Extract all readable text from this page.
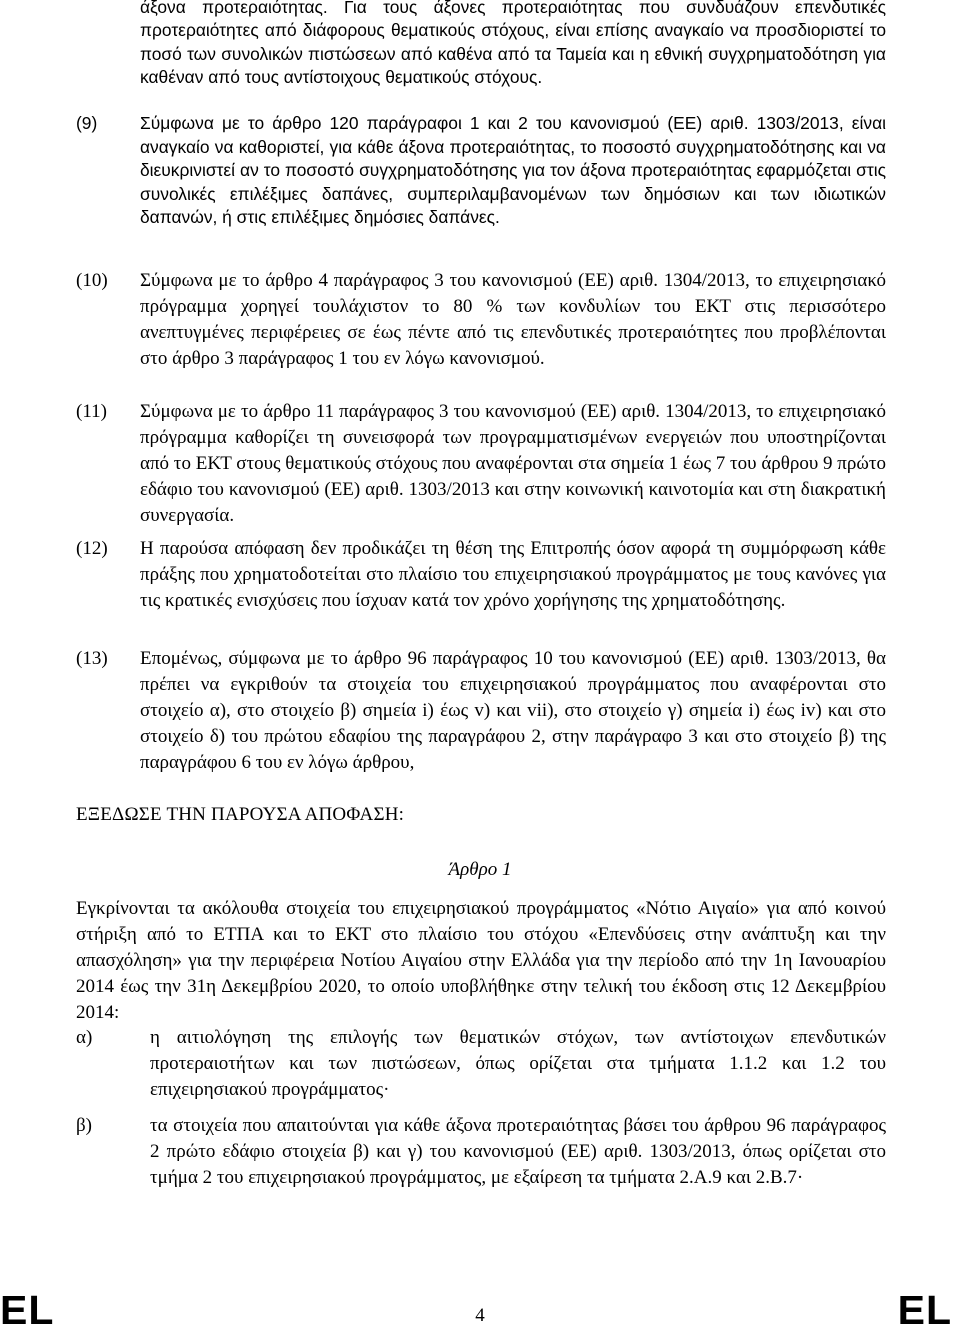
άξονα προτεραιότητας. Για τους άξονες προτεραιότητας που συνδυάζουν επενδυτικές προτεραιότητες από διάφορους θεματικούς στόχους, είναι επίσης αναγκαίο να προσδιοριστεί το ποσό των συνολικών πιστώσεων από καθένα από τα Ταμεία και η εθνική συγχρηματοδότηση για καθέναν από τους αντίστοιχους θεματικούς στόχους.

(9) Σύμφωνα με το άρθρο 120 παράγραφοι 1 και 2 του κανονισμού (ΕΕ) αριθ. 1303/2013, είναι αναγκαίο να καθοριστεί, για κάθε άξονα προτεραιότητας, το ποσοστό συγχρηματοδότησης και να διευκρινιστεί αν το ποσοστό συγχρηματοδότησης για τον άξονα προτεραιότητας εφαρμόζεται στις συνολικές επιλέξιμες δαπάνες, συμπεριλαμβανομένων των δημόσιων και των ιδιωτικών δαπανών, ή στις επιλέξιμες δημόσιες δαπάνες.

(10) Σύμφωνα με το άρθρο 4 παράγραφος 3 του κανονισμού (ΕΕ) αριθ. 1304/2013, το επιχειρησιακό πρόγραμμα χορηγεί τουλάχιστον το 80 % των κονδυλίων του ΕΚΤ στις περισσότερο ανεπτυγμένες περιφέρειες σε έως πέντε από τις επενδυτικές προτεραιότητες που προβλέπονται στο άρθρο 3 παράγραφος 1 του εν λόγω κανονισμού.

(11) Σύμφωνα με το άρθρο 11 παράγραφος 3 του κανονισμού (ΕΕ) αριθ. 1304/2013, το επιχειρησιακό πρόγραμμα καθορίζει τη συνεισφορά των προγραμματισμένων ενεργειών που υποστηρίζονται από το ΕΚΤ στους θεματικούς στόχους που αναφέρονται στα σημεία 1 έως 7 του άρθρου 9 πρώτο εδάφιο του κανονισμού (ΕΕ) αριθ. 1303/2013 και στην κοινωνική καινοτομία και στη διακρατική συνεργασία.

(12) Η παρούσα απόφαση δεν προδικάζει τη θέση της Επιτροπής όσον αφορά τη συμμόρφωση κάθε πράξης που χρηματοδοτείται στο πλαίσιο του επιχειρησιακού προγράμματος με τους κανόνες για τις κρατικές ενισχύσεις που ίσχυαν κατά τον χρόνο χορήγησης της χρηματοδότησης.

(13) Επομένως, σύμφωνα με το άρθρο 96 παράγραφος 10 του κανονισμού (ΕΕ) αριθ. 1303/2013, θα πρέπει να εγκριθούν τα στοιχεία του επιχειρησιακού προγράμματος που αναφέρονται στο στοιχείο α), στο στοιχείο β) σημεία i) έως v) και vii), στο στοιχείο γ) σημεία i) έως iv) και στο στοιχείο δ) του πρώτου εδαφίου της παραγράφου 2, στην παράγραφο 3 και στο στοιχείο β) της παραγράφου 6 του εν λόγω άρθρου,

ΕΞΕΔΩΣΕ ΤΗΝ ΠΑΡΟΥΣΑ ΑΠΟΦΑΣΗ:
Άρθρο 1

Εγκρίνονται τα ακόλουθα στοιχεία του επιχειρησιακού προγράμματος «Νότιο Αιγαίο» για από κοινού στήριξη από το ΕΤΠΑ και το ΕΚΤ στο πλαίσιο του στόχου «Επενδύσεις στην ανάπτυξη και την απασχόληση» για την περιφέρεια Νοτίου Αιγαίου στην Ελλάδα για την περίοδο από την 1η Ιανουαρίου 2014 έως την 31η Δεκεμβρίου 2020, το οποίο υποβλήθηκε στην τελική του έκδοση στις 12 Δεκεμβρίου 2014:

α)	η αιτιολόγηση της επιλογής των θεματικών στόχων, των αντίστοιχων επενδυτικών προτεραιοτήτων και των πιστώσεων, όπως ορίζεται στα τμήματα 1.1.2 και 1.2 του επιχειρησιακού προγράμματος·

β)	τα στοιχεία που απαιτούνται για κάθε άξονα προτεραιότητας βάσει του άρθρου 96 παράγραφος 2 πρώτο εδάφιο στοιχεία β) και γ) του κανονισμού (ΕΕ) αριθ. 1303/2013, όπως ορίζεται στο τμήμα 2 του επιχειρησιακού προγράμματος, με εξαίρεση τα τμήματα 2.Α.9 και 2.Β.7·

EL	4	EL
